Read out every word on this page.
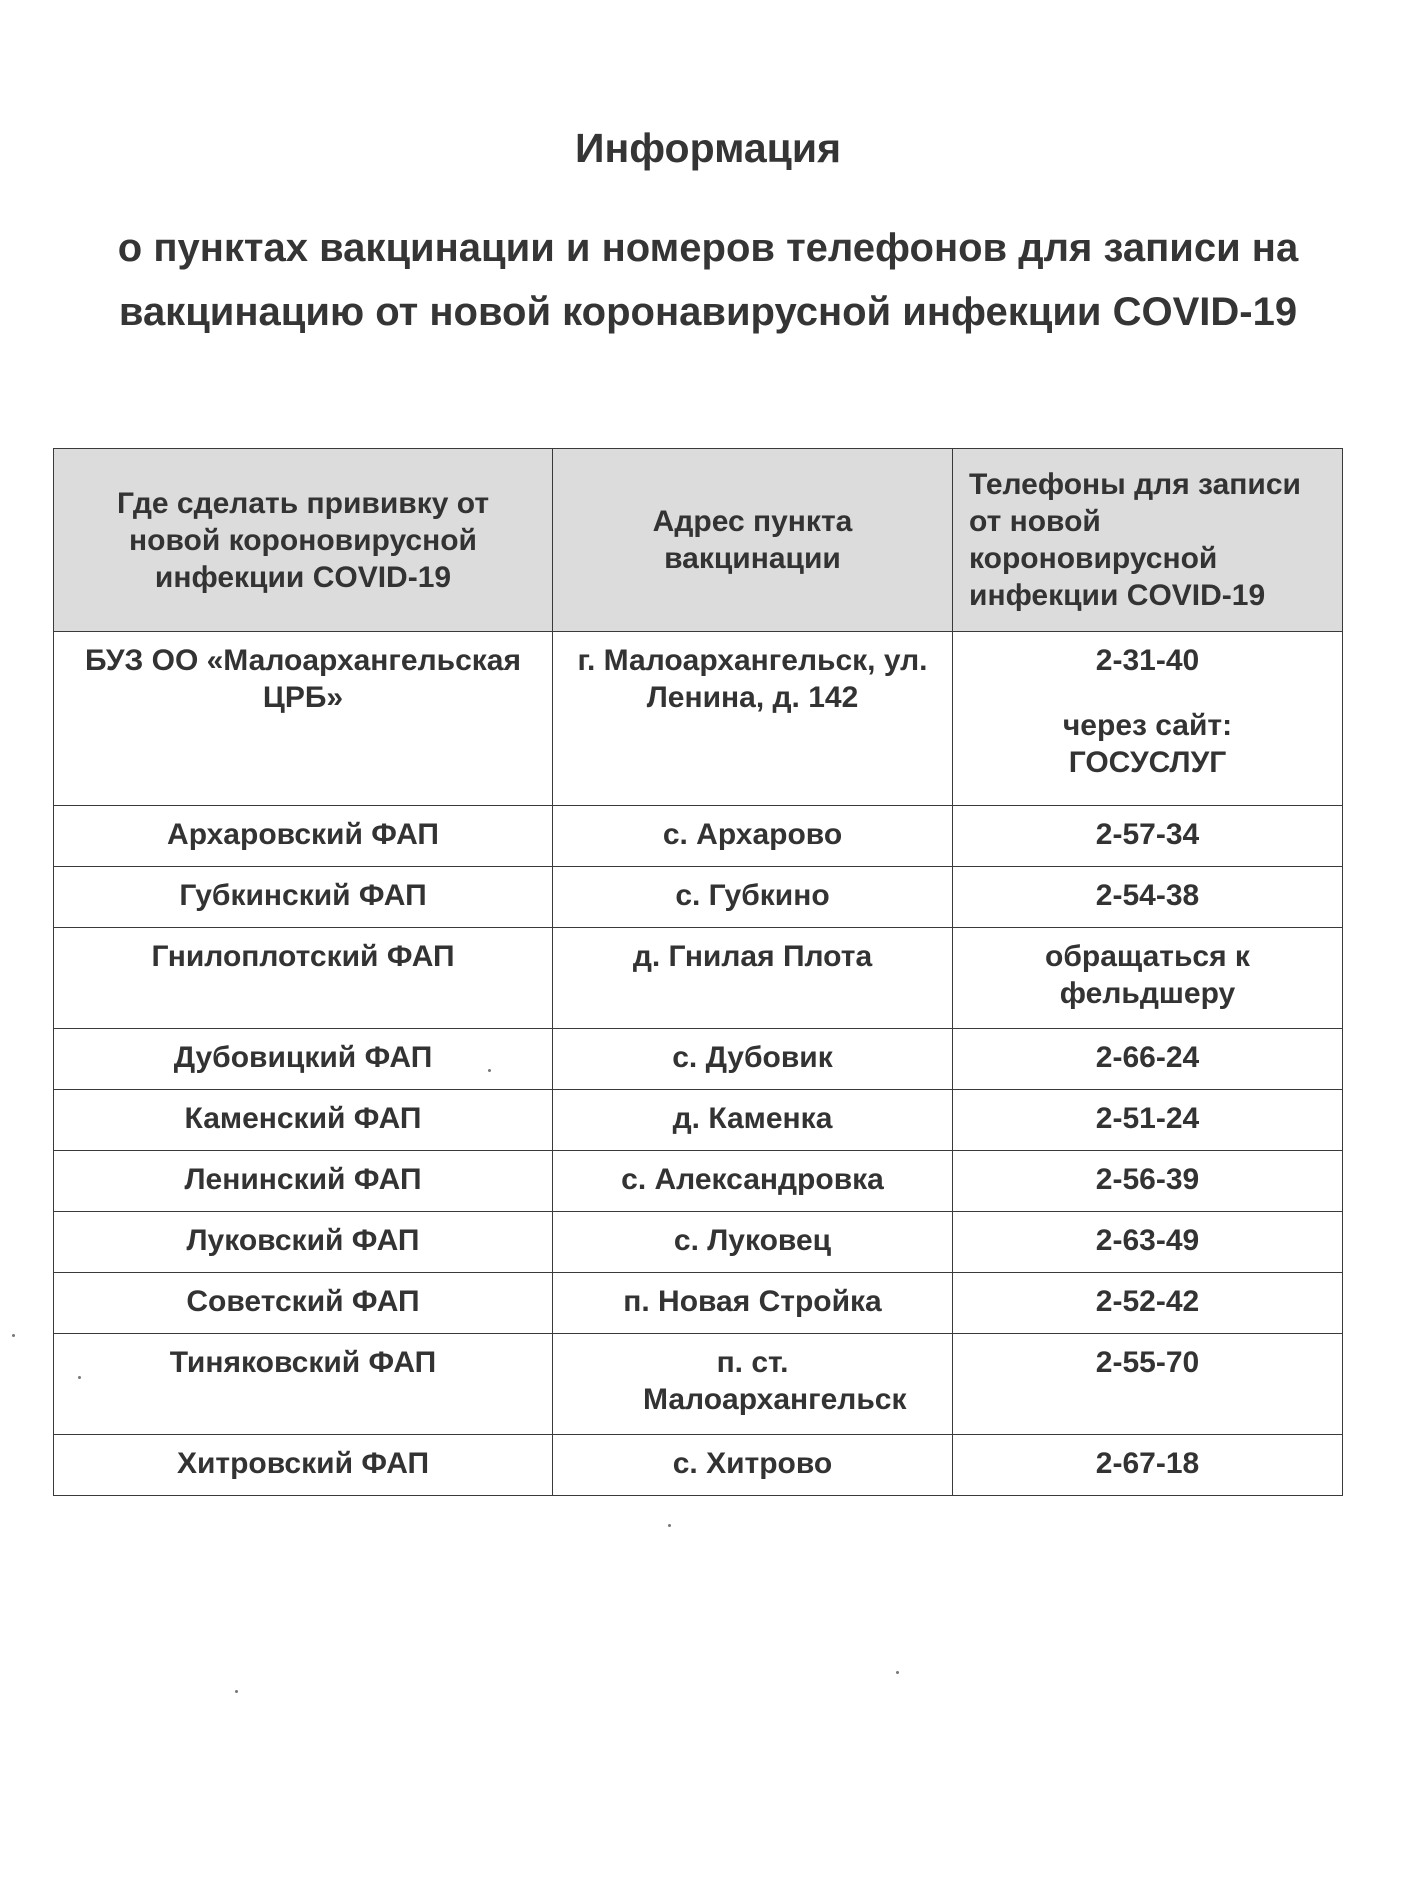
Информация
о пунктах вакцинации и номеров телефонов для записи на
вакцинацию от новой коронавирусной инфекции COVID-19
Где сделать прививку от новой короновирусной инфекции COVID-19	Адрес пункта вакцинации	Телефоны для записи от новой короновирусной инфекции COVID-19
БУЗ ОО «Малоархангельская ЦРБ»	г. Малоархангельск, ул. Ленина, д. 142	2-31-40
через сайт: ГОСУСЛУГ

Архаровский ФАП	с. Архарово	2-57-34
Губкинский ФАП	с. Губкино	2-54-38
Гнилоплотский ФАП	д. Гнилая Плота	обращаться к фельдшеру
Дубовицкий ФАП	с. Дубовик	2-66-24
Каменский ФАП	д. Каменка	2-51-24
Ленинский ФАП	с. Александровка	2-56-39
Луковский ФАП	с. Луковец	2-63-49
Советский ФАП	п. Новая Стройка	2-52-42
Тиняковский ФАП	п. ст. Малоархангельск	2-55-70
Хитровский ФАП	с. Хитрово	2-67-18
